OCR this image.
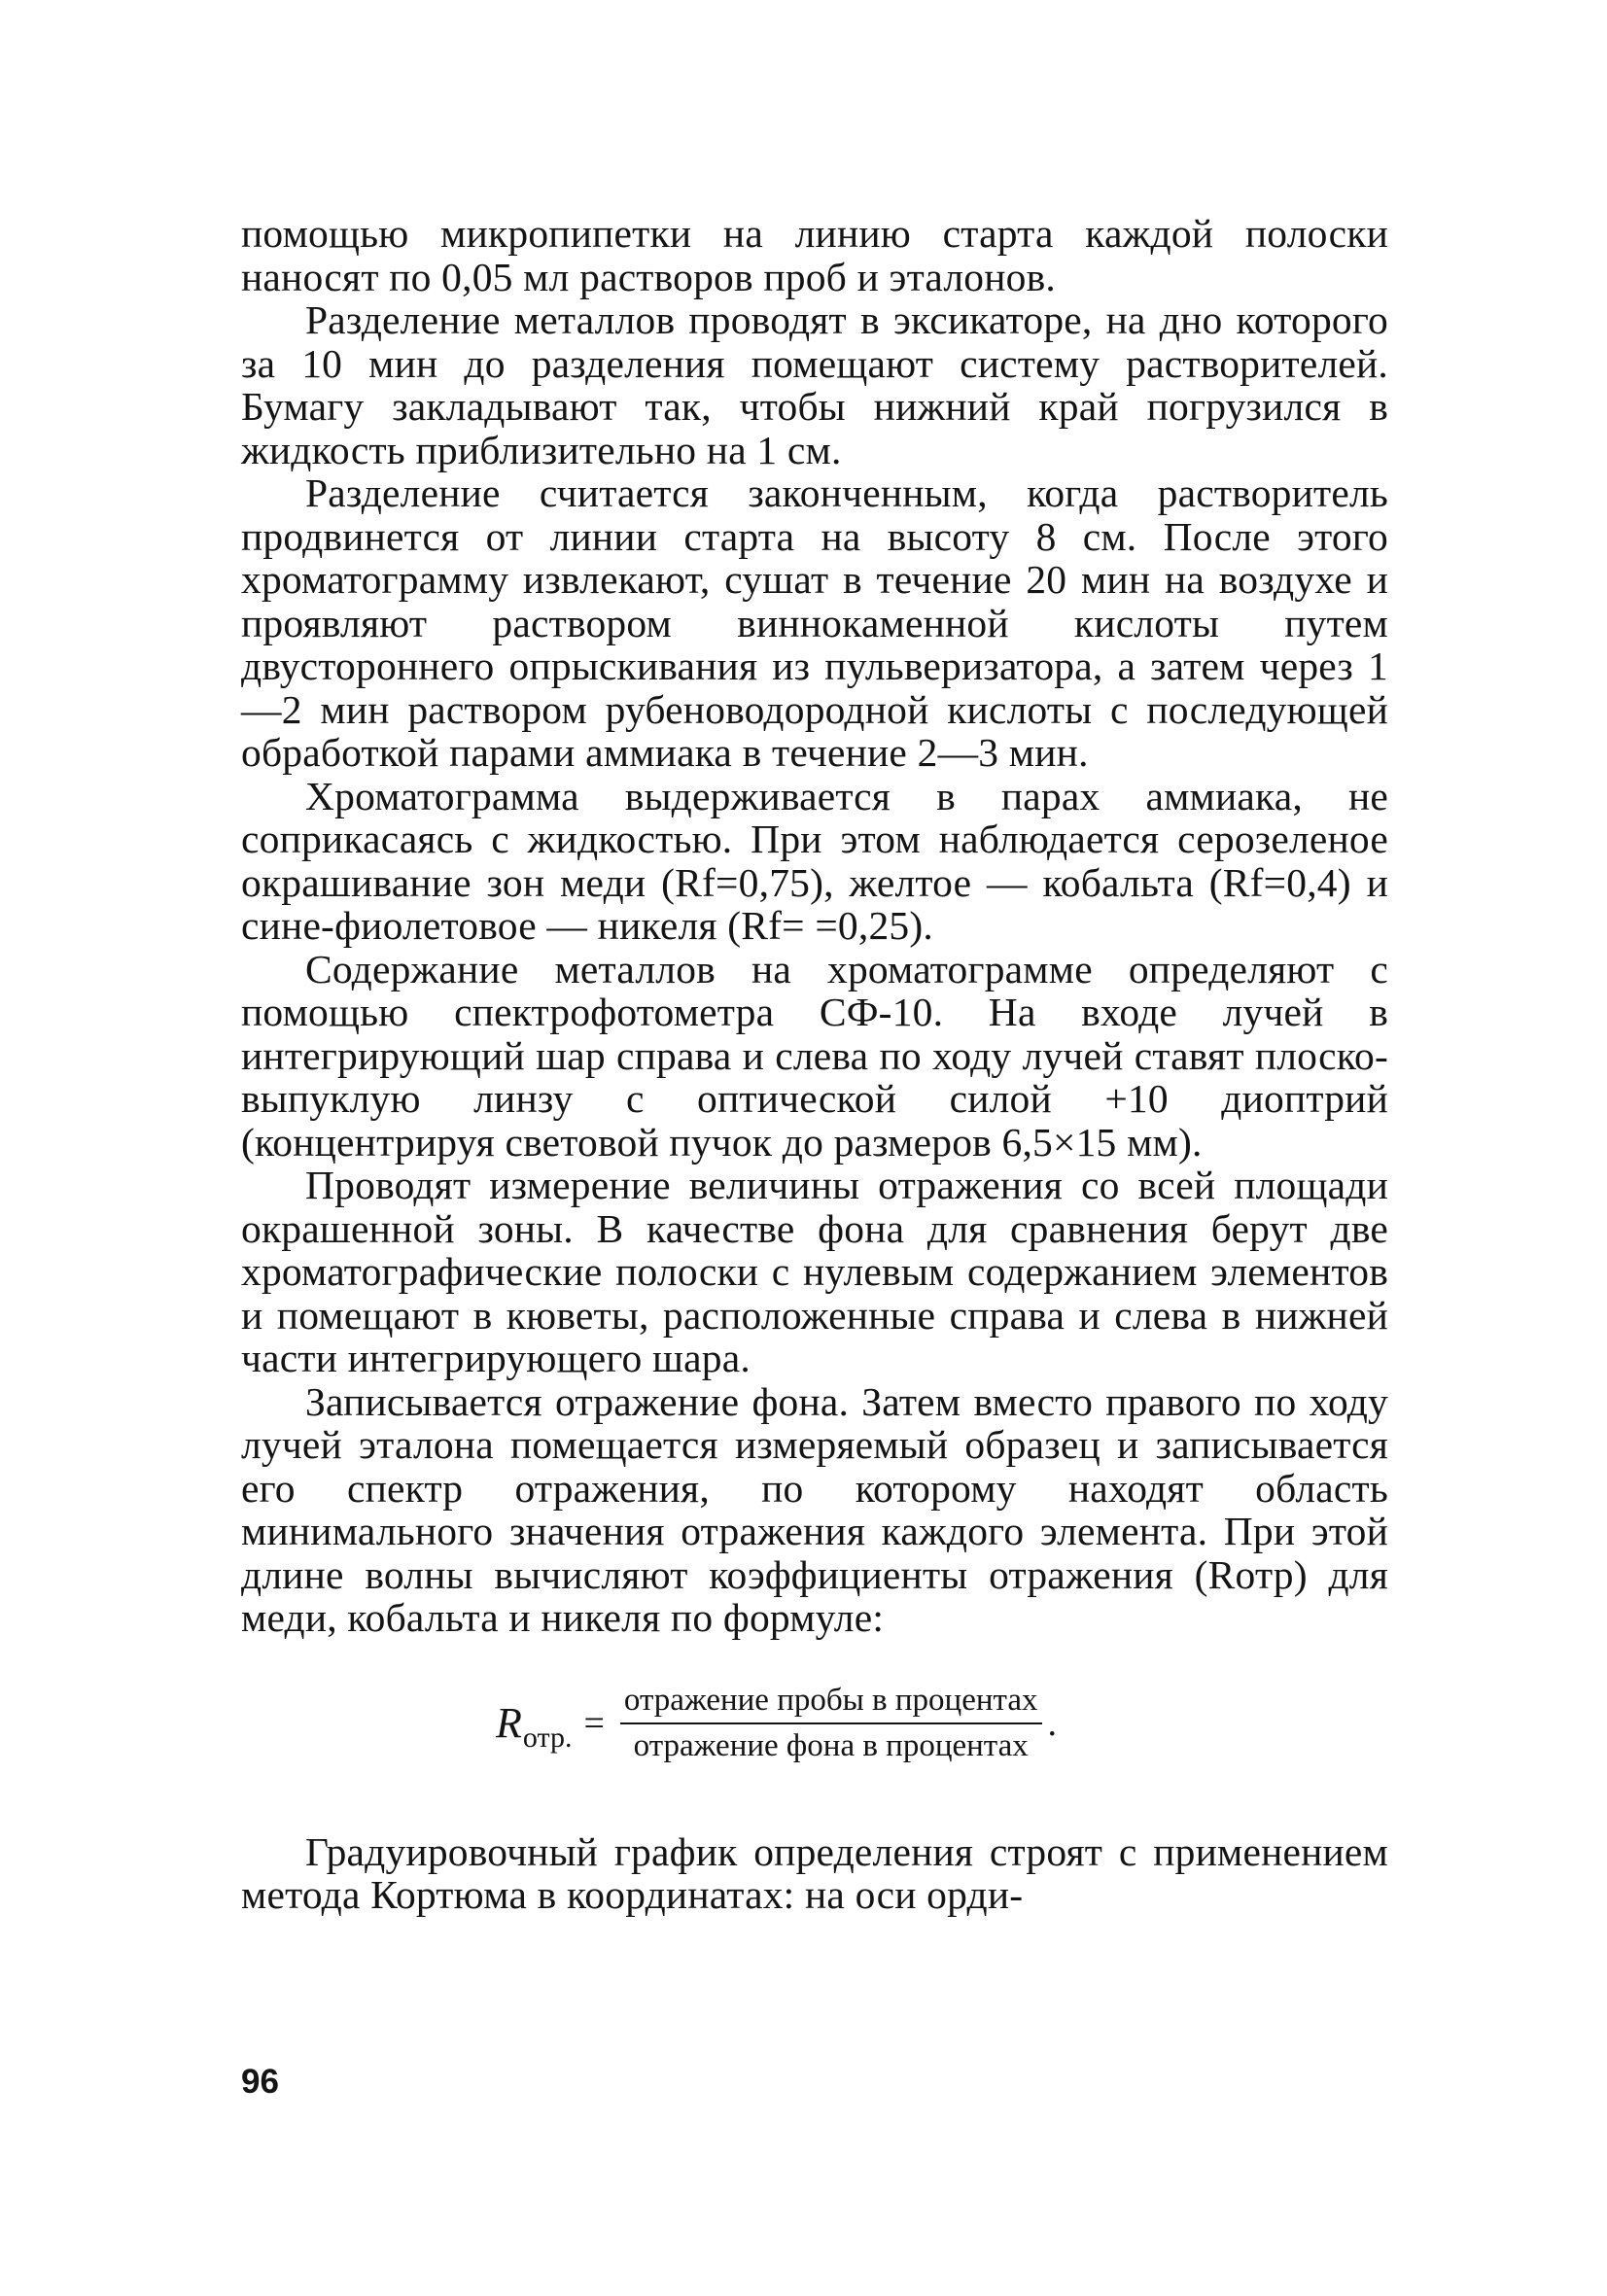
помощью микропипетки на линию старта каждой полоски наносят по 0,05 мл растворов проб и эталонов.

Разделение металлов проводят в эксикаторе, на дно которого за 10 мин до разделения помещают систему растворителей. Бумагу закладывают так, чтобы нижний край погрузился в жидкость приблизительно на 1 см.

Разделение считается законченным, когда растворитель продвинется от линии старта на высоту 8 см. После этого хроматограмму извлекают, сушат в течение 20 мин на воздухе и проявляют раствором виннокаменной кислоты путем двустороннего опрыскивания из пульверизатора, а затем через 1—2 мин раствором рубеноводородной кислоты с последующей обработкой парами аммиака в течение 2—3 мин.

Хроматограмма выдерживается в парах аммиака, не соприкасаясь с жидкостью. При этом наблюдается серозеленое окрашивание зон меди (Rf=0,75), желтое — кобальта (Rf=0,4) и сине-фиолетовое — никеля (Rf= =0,25).

Содержание металлов на хроматограмме определяют с помощью спектрофотометра СФ-10. На входе лучей в интегрирующий шар справа и слева по ходу лучей ставят плоско-выпуклую линзу с оптической силой +10 диоптрий (концентрируя световой пучок до размеров 6,5×15 мм).

Проводят измерение величины отражения со всей площади окрашенной зоны. В качестве фона для сравнения берут две хроматографические полоски с нулевым содержанием элементов и помещают в кюветы, расположенные справа и слева в нижней части интегрирующего шара.

Записывается отражение фона. Затем вместо правого по ходу лучей эталона помещается измеряемый образец и записывается его спектр отражения, по которому находят область минимального значения отражения каждого элемента. При этой длине волны вычисляют коэффициенты отражения (Rотр) для меди, кобальта и никеля по формуле:

R отр. = $\frac{\text{отражение пробы в процентах}}{\text{отражение фона в процентах}}$ .

Градуировочный график определения строят с применением метода Кортюма в координатах: на оси орди-

96
